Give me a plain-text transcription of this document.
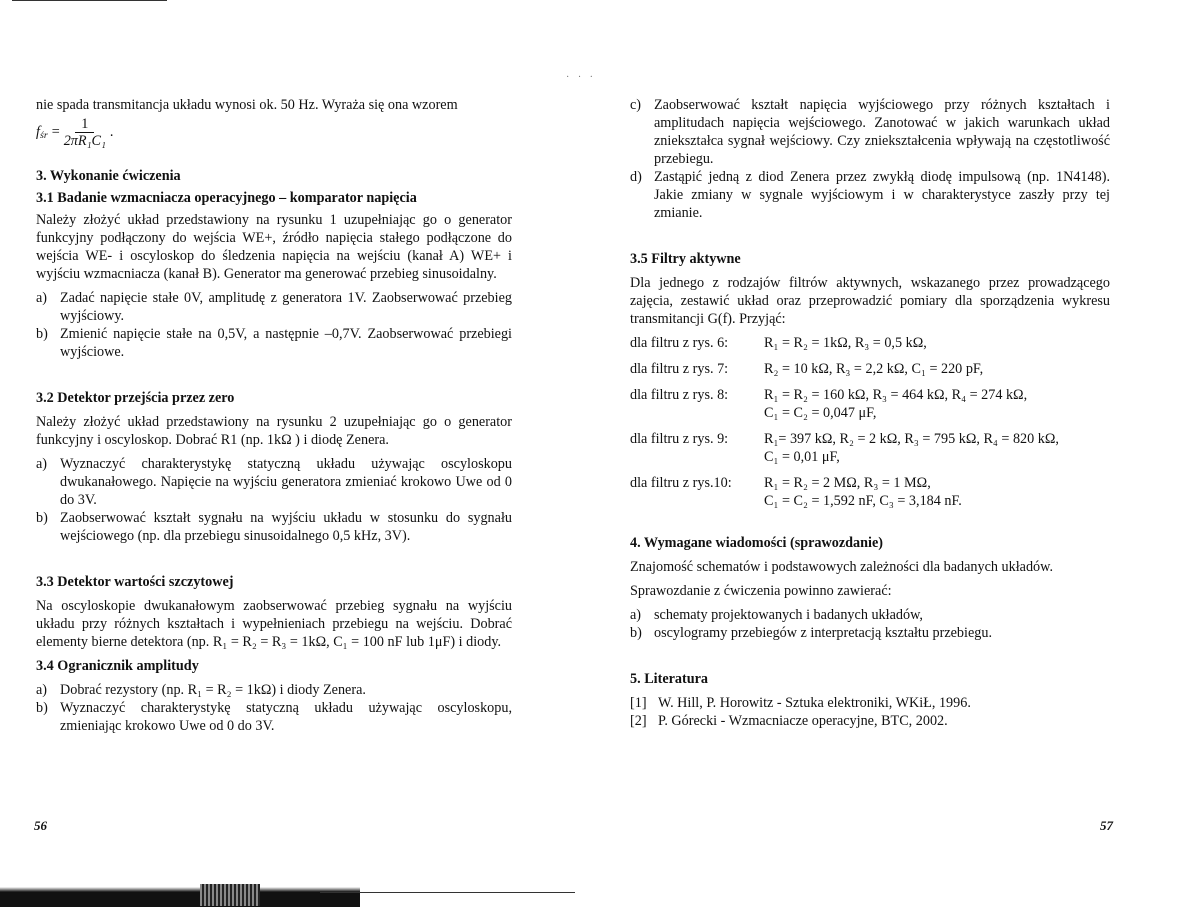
· · ·

nie spada transmitancja układu wynosi ok. 50 Hz. Wyraża się ona wzorem

$f_{śr} = \frac{1}{\text{2πR₁C₁}}$ .
3. Wykonanie ćwiczenia
3.1 Badanie wzmacniacza operacyjnego – komparator napięcia

Należy złożyć układ przedstawiony na rysunku 1 uzupełniając go o generator funkcyjny podłączony do wejścia WE+, źródło napięcia stałego podłączone do wejścia WE- i oscyloskop do śledzenia napięcia na wejściu (kanał A) WE+ i wyjściu wzmacniacza (kanał B). Generator ma generować przebieg sinusoidalny.

a) Zadać napięcie stałe 0V, amplitudę z generatora 1V. Zaobserwować przebieg wyjściowy.
b) Zmienić napięcie stałe na 0,5V, a następnie –0,7V. Zaobserwować przebiegi wyjściowe.
3.2 Detektor przejścia przez zero

Należy złożyć układ przedstawiony na rysunku 2 uzupełniając go o generator funkcyjny i oscyloskop. Dobrać R1 (np. 1kΩ ) i diodę Zenera.

a) Wyznaczyć charakterystykę statyczną układu używając oscyloskopu dwukanałowego. Napięcie na wyjściu generatora zmieniać krokowo Uwe od 0 do 3V.
b) Zaobserwować kształt sygnału na wyjściu układu w stosunku do sygnału wejściowego (np. dla przebiegu sinusoidalnego 0,5 kHz, 3V).
3.3 Detektor wartości szczytowej

Na oscyloskopie dwukanałowym zaobserwować przebieg sygnału na wyjściu układu przy różnych kształtach i wypełnieniach przebiegu na wejściu. Dobrać elementy bierne detektora (np. R₁ = R₂ = R₃ = 1kΩ, C₁ = 100 nF lub 1μF) i diody.

3.4 Ogranicznik amplitudy
a) Dobrać rezystory (np. R₁ = R₂ = 1kΩ) i diody Zenera.
b) Wyznaczyć charakterystykę statyczną układu używając oscyloskopu, zmieniając krokowo Uwe od 0 do 3V.
56
c) Zaobserwować kształt napięcia wyjściowego przy różnych kształtach i amplitudach napięcia wejściowego. Zanotować w jakich warunkach układ zniekształca sygnał wejściowy. Czy zniekształcenia wpływają na częstotliwość przebiegu.
d) Zastąpić jedną z diod Zenera przez zwykłą diodę impulsową (np. 1N4148). Jakie zmiany w sygnale wyjściowym i w charakterystyce zaszły przy tej zmianie.
3.5 Filtry aktywne

Dla jednego z rodzajów filtrów aktywnych, wskazanego przez prowadzącego zajęcia, zestawić układ oraz przeprowadzić pomiary dla sporządzenia wykresu transmitancji G(f). Przyjąć:

dla filtru z rys. 6:	R₁ = R₂ = 1kΩ, R₃ = 0,5 kΩ,

dla filtru z rys. 7:	R₂ = 10 kΩ, R₃ = 2,2 kΩ, C₁ = 220 pF,

dla filtru z rys. 8:	R₁ = R₂ = 160 kΩ, R₃ = 464 kΩ, R₄ = 274 kΩ,
C₁ = C₂ = 0,047 μF,

dla filtru z rys. 9:	R₁= 397 kΩ, R₂ = 2 kΩ, R₃ = 795 kΩ, R₄ = 820 kΩ,
C₁ = 0,01 μF,

dla filtru z rys.10:	R₁ = R₂ = 2 MΩ, R₃ = 1 MΩ,
C₁ = C₂ = 1,592 nF, C₃ = 3,184 nF.
4. Wymagane wiadomości (sprawozdanie)

Znajomość schematów i podstawowych zależności dla badanych układów.

Sprawozdanie z ćwiczenia powinno zawierać:

a) schematy projektowanych i badanych układów,
b) oscylogramy przebiegów z interpretacją kształtu przebiegu.
5. Literatura
[1] W. Hill, P. Horowitz - Sztuka elektroniki, WKiŁ, 1996.
[2] P. Górecki - Wzmacniacze operacyjne, BTC, 2002.
57
